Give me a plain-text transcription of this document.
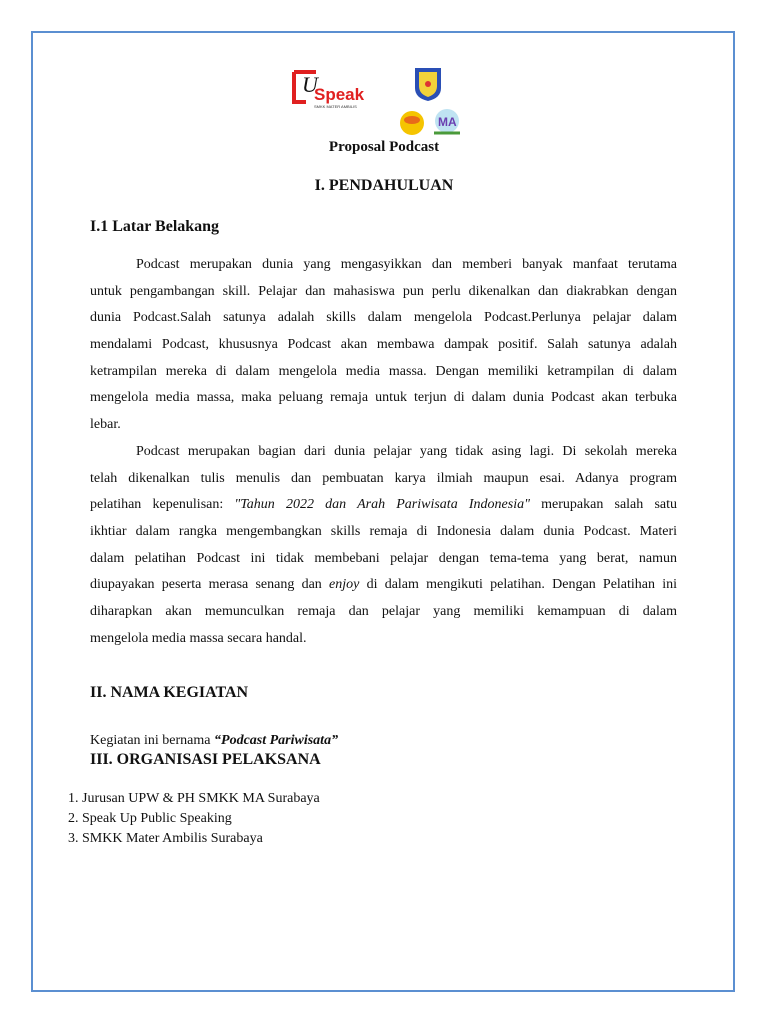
U
Speak
SMKK MATER AMBILIS
MA
Proposal Podcast
I. PENDAHULUAN
I.1 Latar Belakang
Podcast merupakan dunia yang mengasyikkan dan memberi banyak manfaat terutama
untuk pengambangan skill. Pelajar dan mahasiswa pun perlu dikenalkan dan diakrabkan dengan
dunia Podcast.Salah satunya adalah skills dalam mengelola Podcast.Perlunya pelajar dalam
mendalami Podcast, khususnya Podcast akan membawa dampak positif. Salah satunya adalah
ketrampilan mereka di dalam mengelola media massa. Dengan memiliki ketrampilan di dalam
mengelola media massa, maka peluang remaja untuk terjun di dalam dunia Podcast akan terbuka
lebar.
Podcast merupakan bagian dari dunia pelajar yang tidak asing lagi. Di sekolah mereka
telah dikenalkan tulis menulis dan pembuatan karya ilmiah maupun esai. Adanya program
pelatihan kepenulisan: "Tahun 2022 dan Arah Pariwisata Indonesia" merupakan salah satu
ikhtiar dalam rangka mengembangkan skills remaja di Indonesia dalam dunia Podcast. Materi
dalam pelatihan Podcast ini tidak membebani pelajar dengan tema-tema yang berat, namun
diupayakan peserta merasa senang dan enjoy di dalam mengikuti pelatihan. Dengan Pelatihan ini
diharapkan akan memunculkan remaja dan pelajar yang memiliki kemampuan di dalam
mengelola media massa secara handal.
II. NAMA KEGIATAN
Kegiatan ini bernama “Podcast Pariwisata”
III. ORGANISASI PELAKSANA
1. Jurusan UPW & PH SMKK MA Surabaya
2. Speak Up Public Speaking
3. SMKK Mater Ambilis Surabaya
